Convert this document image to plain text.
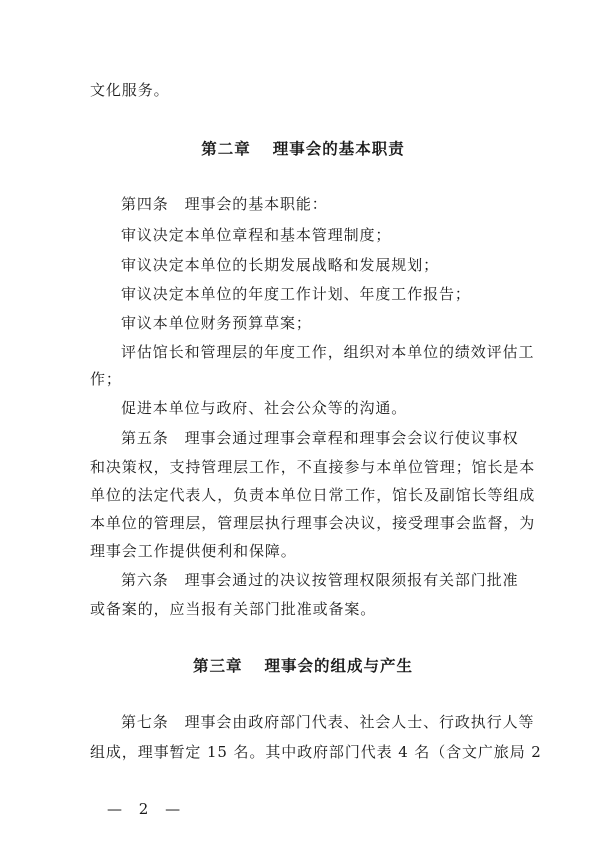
文化服务。
第二章 理事会的基本职责
第四条　理事会的基本职能：
审议决定本单位章程和基本管理制度；
审议决定本单位的长期发展战略和发展规划；
审议决定本单位的年度工作计划、年度工作报告；
审议本单位财务预算草案；
评估馆长和管理层的年度工作，组织对本单位的绩效评估工
作；
促进本单位与政府、社会公众等的沟通。
第五条　理事会通过理事会章程和理事会会议行使议事权
和决策权，支持管理层工作，不直接参与本单位管理；馆长是本
单位的法定代表人，负责本单位日常工作，馆长及副馆长等组成
本单位的管理层，管理层执行理事会决议，接受理事会监督，为
理事会工作提供便利和保障。
第六条　理事会通过的决议按管理权限须报有关部门批准
或备案的，应当报有关部门批准或备案。
第三章 理事会的组成与产生
第七条　理事会由政府部门代表、社会人士、行政执行人等
组成，理事暂定 15 名。其中政府部门代表 4 名（含文广旅局 2
— 2 —
